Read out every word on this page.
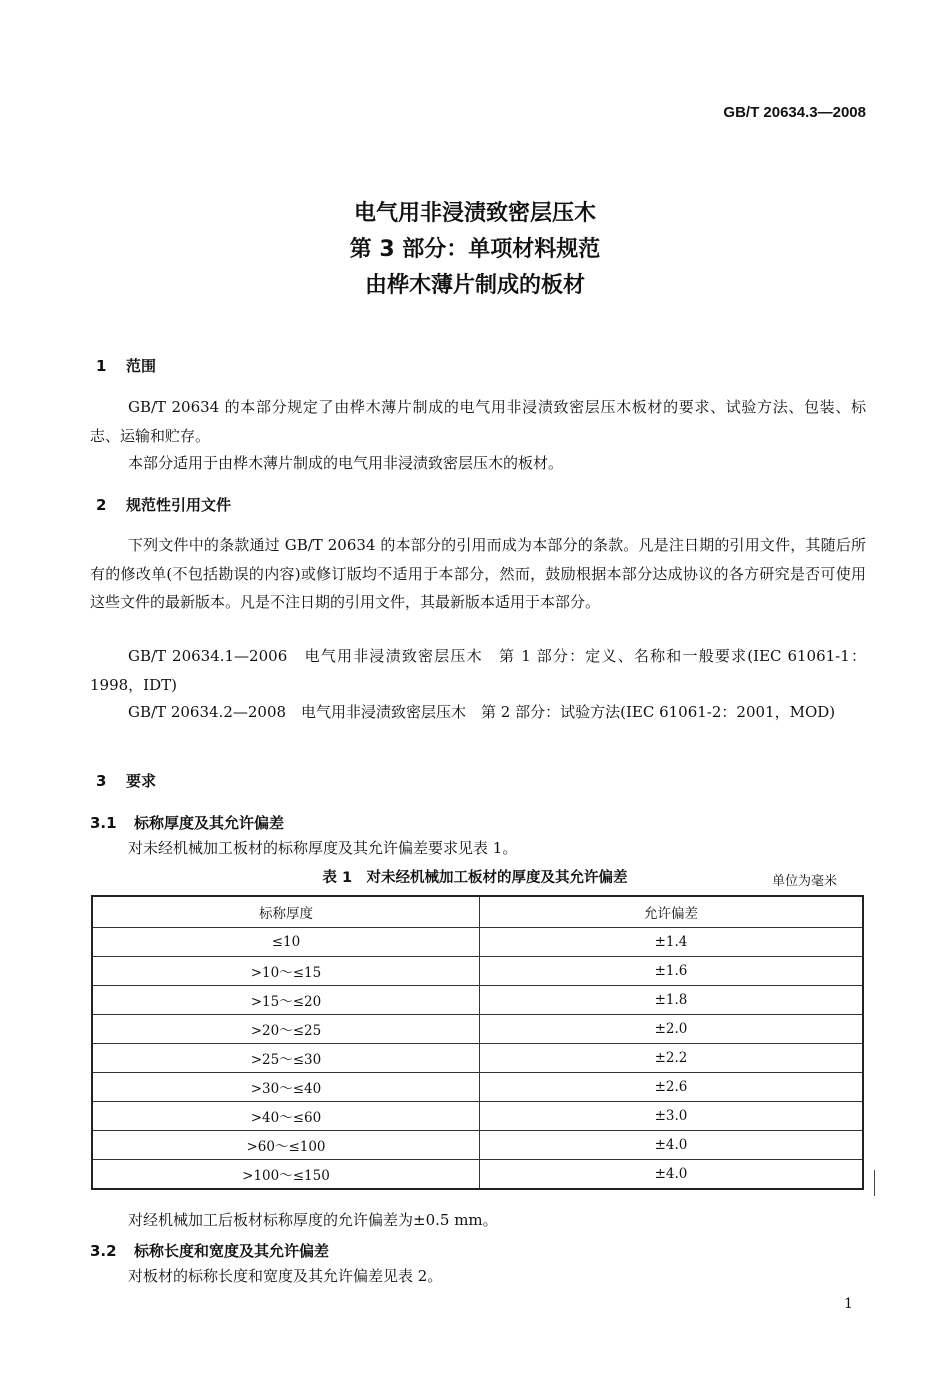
GB/T 20634.3—2008
电气用非浸渍致密层压木
第 3 部分：单项材料规范
由桦木薄片制成的板材
1 范围
GB/T 20634 的本部分规定了由桦木薄片制成的电气用非浸渍致密层压木板材的要求、试验方法、包装、标志、运输和贮存。
本部分适用于由桦木薄片制成的电气用非浸渍致密层压木的板材。
2 规范性引用文件
下列文件中的条款通过 GB/T 20634 的本部分的引用而成为本部分的条款。凡是注日期的引用文件，其随后所有的修改单(不包括勘误的内容)或修订版均不适用于本部分，然而，鼓励根据本部分达成协议的各方研究是否可使用这些文件的最新版本。凡是不注日期的引用文件，其最新版本适用于本部分。
GB/T 20634.1—2006　电气用非浸渍致密层压木　第 1 部分：定义、名称和一般要求(IEC 61061-1：1998，IDT)
GB/T 20634.2—2008　电气用非浸渍致密层压木　第 2 部分：试验方法(IEC 61061-2：2001，MOD)
3 要求
3.1 标称厚度及其允许偏差
对未经机械加工板材的标称厚度及其允许偏差要求见表 1。
表 1　对未经机械加工板材的厚度及其允许偏差	单位为毫米
标称厚度	允许偏差
≤10	±1.4
>10～≤15	±1.6
>15～≤20	±1.8
>20～≤25	±2.0
>25～≤30	±2.2
>30～≤40	±2.6
>40～≤60	±3.0
>60～≤100	±4.0
>100～≤150	±4.0
对经机械加工后板材标称厚度的允许偏差为±0.5 mm。
3.2 标称长度和宽度及其允许偏差
对板材的标称长度和宽度及其允许偏差见表 2。
1
